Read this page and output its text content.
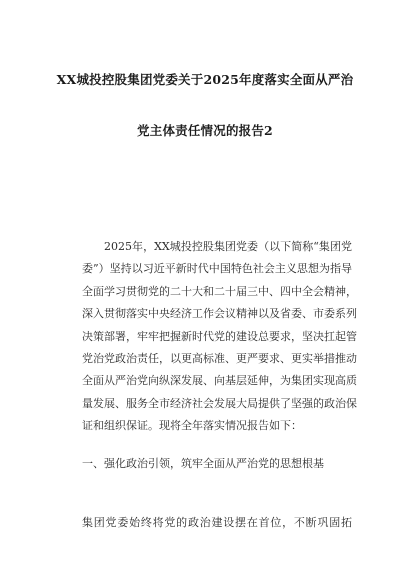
XX城投控股集团党委关于2025年度落实全面从严治
党主体责任情况的报告2
2025年，XX城投控股集团党委（以下简称“集团党
委”）坚持以习近平新时代中国特色社会主义思想为指导
全面学习贯彻党的二十大和二十届三中、四中全会精神，
深入贯彻落实中央经济工作会议精神以及省委、市委系列
决策部署，牢牢把握新时代党的建设总要求，坚决扛起管
党治党政治责任，以更高标准、更严要求、更实举措推动
全面从严治党向纵深发展、向基层延伸，为集团实现高质
量发展、服务全市经济社会发展大局提供了坚强的政治保
证和组织保证。现将全年落实情况报告如下：
一、强化政治引领，筑牢全面从严治党的思想根基
集团党委始终将党的政治建设摆在首位，不断巩固拓
